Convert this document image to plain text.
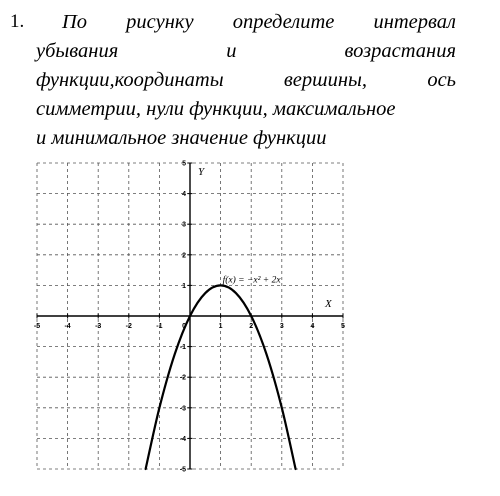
1. По рисунку определите интервал
убывания	и	возрастания
функции,координаты	вершины,	ось
симметрии, нули функции, максимальное
и минимальное значение функции
-5	-4	-3	-2	-1	1	2	3	4	5
5
4
3
2
1
-1
-2
-3
-4
-5
0
Y
X
f(x) = −x² + 2x
